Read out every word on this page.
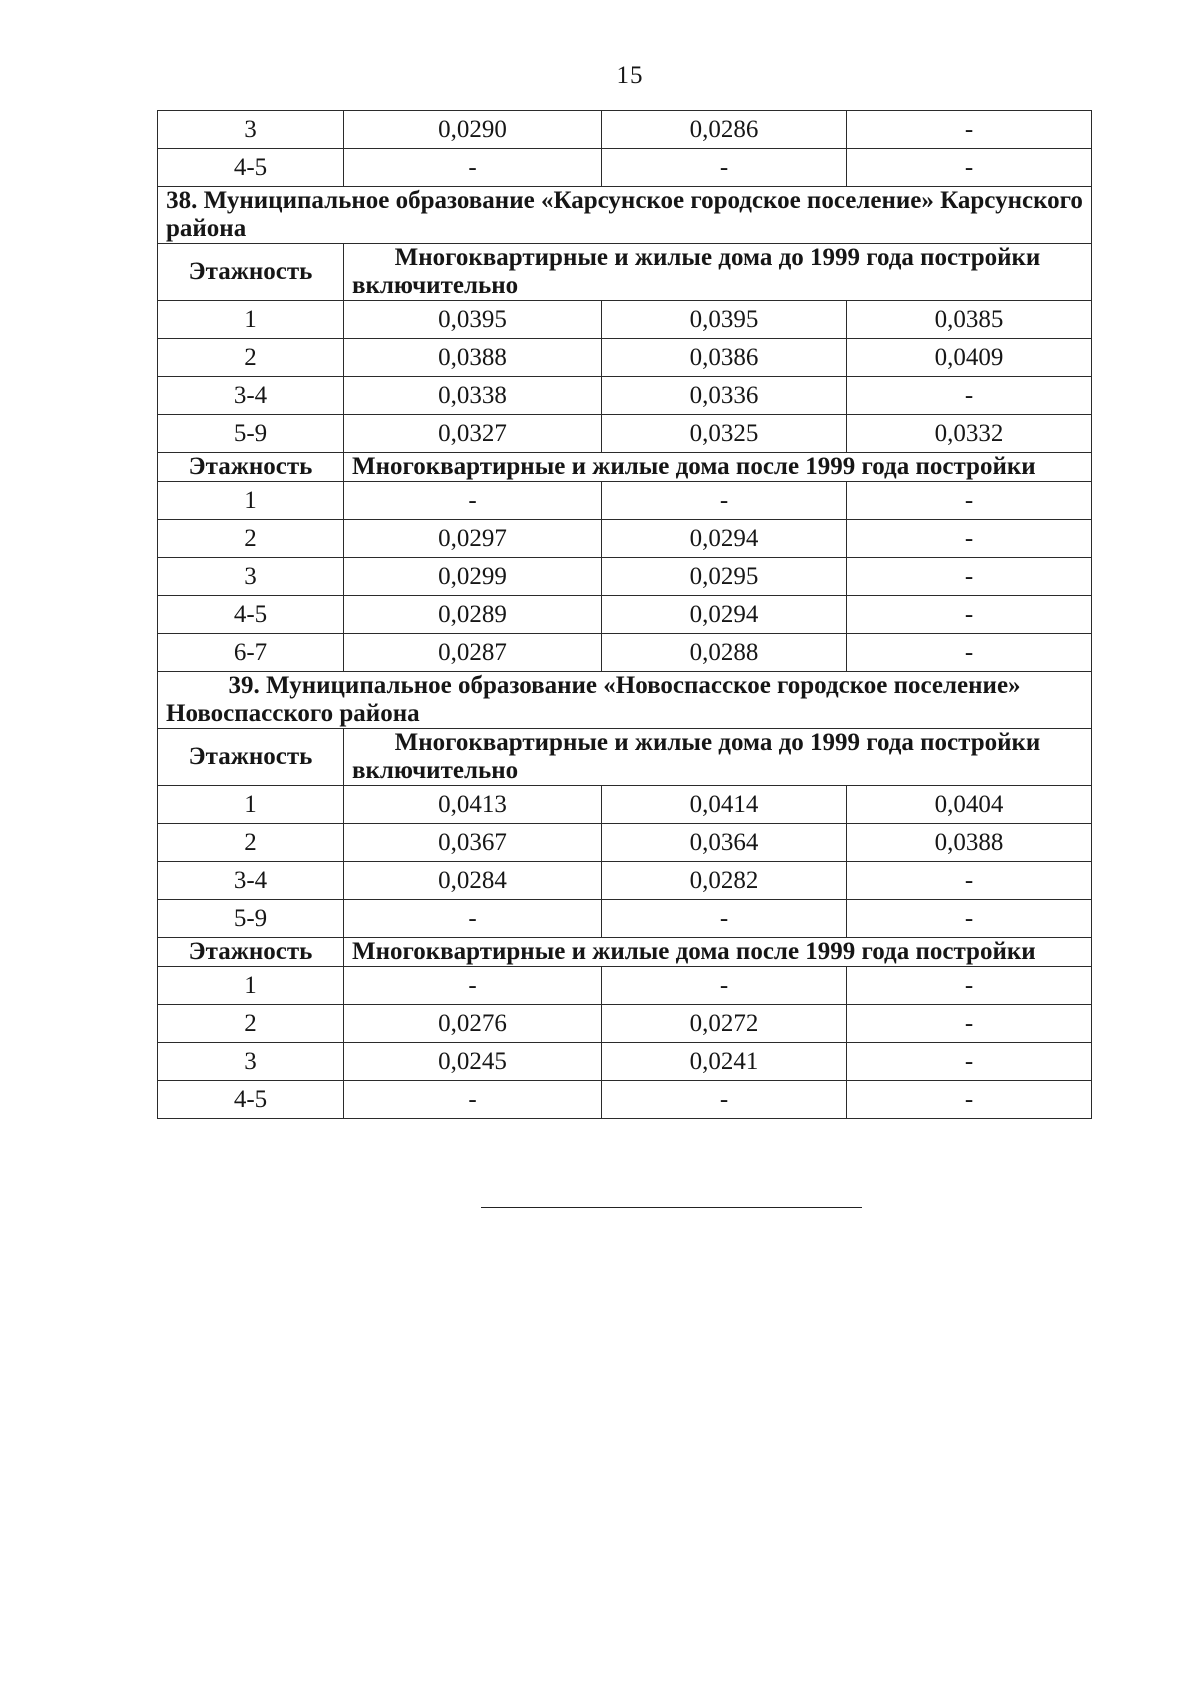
15
3	0,0290	0,0286	-
4-5	-	-	-
38. Муниципальное образование «Карсунское городское поселение» Карсунского района			
Этажность	Многоквартирные и жилые дома до 1999 года постройки включительно		
1	0,0395	0,0395	0,0385
2	0,0388	0,0386	0,0409
3-4	0,0338	0,0336	-
5-9	0,0327	0,0325	0,0332
Этажность	Многоквартирные и жилые дома после 1999 года постройки		
1	-	-	-
2	0,0297	0,0294	-
3	0,0299	0,0295	-
4-5	0,0289	0,0294	-
6-7	0,0287	0,0288	-
39. Муниципальное образование «Новоспасское городское поселение» Новоспасского района			
Этажность	Многоквартирные и жилые дома до 1999 года постройки включительно		
1	0,0413	0,0414	0,0404
2	0,0367	0,0364	0,0388
3-4	0,0284	0,0282	-
5-9	-	-	-
Этажность	Многоквартирные и жилые дома после 1999 года постройки		
1	-	-	-
2	0,0276	0,0272	-
3	0,0245	0,0241	-
4-5	-	-	-
